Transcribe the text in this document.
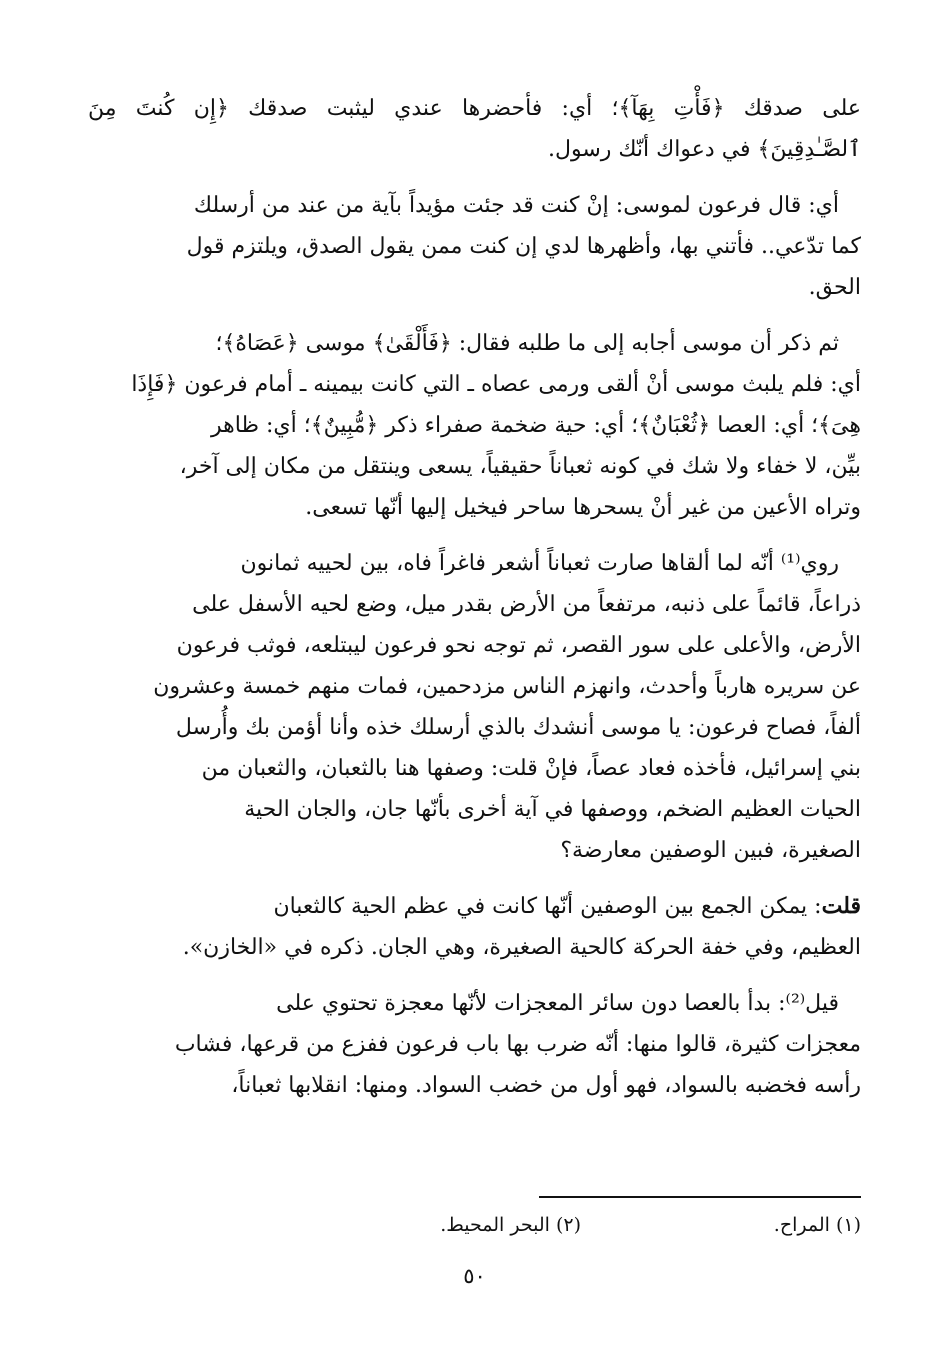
على صدقك ﴿فَأْتِ بِهَآ﴾؛ أي: فأحضرها عندي ليثبت صدقك ﴿إِن كُنتَ مِنَ
ٱلصَّـٰدِقِينَ﴾ في دعواك أنّك رسول.
أي: قال فرعون لموسى: إنْ كنت قد جئت مؤيداً بآية من عند من أرسلك
كما تدّعي.. فأتني بها، وأظهرها لدي إن كنت ممن يقول الصدق، ويلتزم قول
الحق.
ثم ذكر أن موسى أجابه إلى ما طلبه فقال: ﴿فَأَلْقَىٰ﴾ موسى ﴿عَصَاهُ﴾؛
أي: فلم يلبث موسى أنْ ألقى ورمى عصاه ـ التي كانت بيمينه ـ أمام فرعون ﴿فَإِذَا
هِىَ﴾؛ أي: العصا ﴿ثُعْبَانٌ﴾؛ أي: حية ضخمة صفراء ذكر ﴿مُّبِينٌ﴾؛ أي: ظاهر
بيِّن، لا خفاء ولا شك في كونه ثعباناً حقيقياً، يسعى وينتقل من مكان إلى آخر،
وتراه الأعين من غير أنْ يسحرها ساحر فيخيل إليها أنّها تسعى.
روي⁽¹⁾ أنّه لما ألقاها صارت ثعباناً أشعر فاغراً فاه، بين لحييه ثمانون
ذراعاً، قائماً على ذنبه، مرتفعاً من الأرض بقدر ميل، وضع لحيه الأسفل على
الأرض، والأعلى على سور القصر، ثم توجه نحو فرعون ليبتلعه، فوثب فرعون
عن سريره هارباً وأحدث، وانهزم الناس مزدحمين، فمات منهم خمسة وعشرون
ألفاً، فصاح فرعون: يا موسى أنشدك بالذي أرسلك خذه وأنا أؤمن بك وأُرسل
بني إسرائيل، فأخذه فعاد عصاً، فإنْ قلت: وصفها هنا بالثعبان، والثعبان من
الحيات العظيم الضخم، ووصفها في آية أخرى بأنّها جان، والجان الحية
الصغيرة، فبين الوصفين معارضة؟
قلت: يمكن الجمع بين الوصفين أنّها كانت في عظم الحية كالثعبان
العظيم، وفي خفة الحركة كالحية الصغيرة، وهي الجان. ذكره في «الخازن».
قيل⁽²⁾: بدأ بالعصا دون سائر المعجزات لأنّها معجزة تحتوي على
معجزات كثيرة، قالوا منها: أنّه ضرب بها باب فرعون ففزع من قرعها، فشاب
رأسه فخضبه بالسواد، فهو أول من خضب السواد. ومنها: انقلابها ثعباناً،
(١) المراح.(٢) البحر المحيط.
٥٠
